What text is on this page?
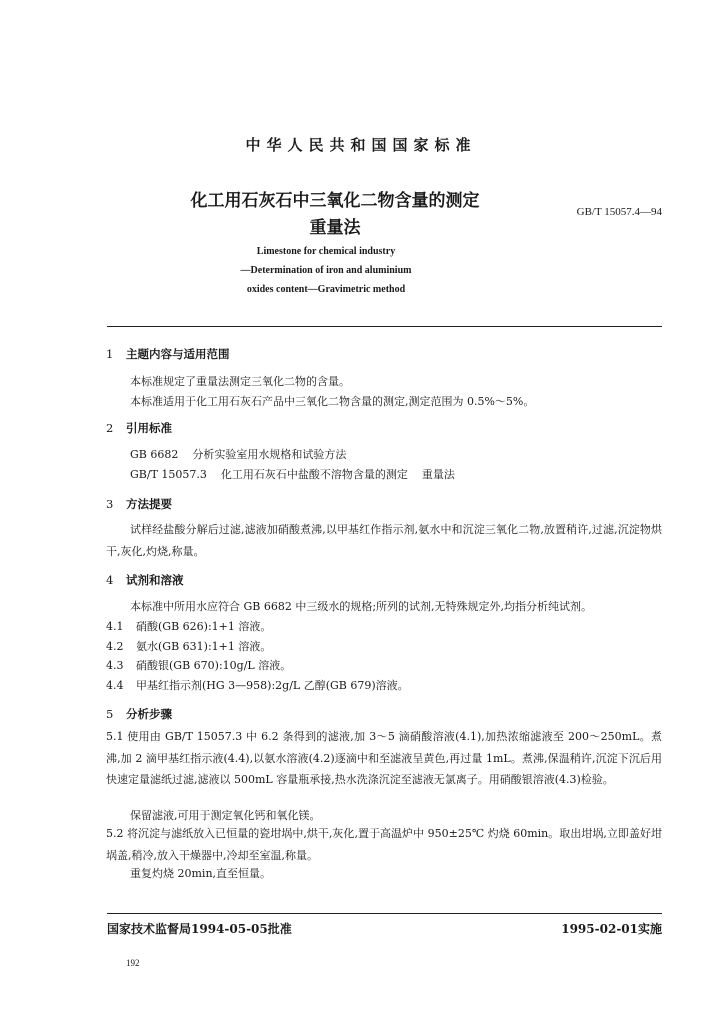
中华人民共和国国家标准
化工用石灰石中三氧化二物含量的测定
重量法
GB/T 15057.4—94
Limestone for chemical industry
—Determination of iron and aluminium
oxides content—Gravimetric method
1 主题内容与适用范围
本标准规定了重量法测定三氧化二物的含量。
本标准适用于化工用石灰石产品中三氧化二物含量的测定,测定范围为 0.5%～5%。
2 引用标准
GB 6682    分析实验室用水规格和试验方法
GB/T 15057.3    化工用石灰石中盐酸不溶物含量的测定    重量法
3 方法提要
试样经盐酸分解后过滤,滤液加硝酸煮沸,以甲基红作指示剂,氨水中和沉淀三氧化二物,放置稍许,过滤,沉淀物烘干,灰化,灼烧,称量。
4 试剂和溶液
本标准中所用水应符合 GB 6682 中三级水的规格;所列的试剂,无特殊规定外,均指分析纯试剂。
4.1 硝酸(GB 626):1+1 溶液。
4.2 氨水(GB 631):1+1 溶液。
4.3 硝酸银(GB 670):10g/L 溶液。
4.4 甲基红指示剂(HG 3—958):2g/L 乙醇(GB 679)溶液。
5 分析步骤
5.1 使用由 GB/T 15057.3 中 6.2 条得到的滤液,加 3～5 滴硝酸溶液(4.1),加热浓缩滤液至 200～250mL。煮沸,加 2 滴甲基红指示液(4.4),以氨水溶液(4.2)逐滴中和至滤液呈黄色,再过量 1mL。煮沸,保温稍许,沉淀下沉后用快速定量滤纸过滤,滤液以 500mL 容量瓶承接,热水洗涤沉淀至滤液无氯离子。用硝酸银溶液(4.3)检验。
保留滤液,可用于测定氧化钙和氧化镁。
5.2 将沉淀与滤纸放入已恒量的瓷坩埚中,烘干,灰化,置于高温炉中 950±25℃ 灼烧 60min。取出坩埚,立即盖好坩埚盖,稍冷,放入干燥器中,冷却至室温,称量。
重复灼烧 20min,直至恒量。
国家技术监督局1994-05-05批准	1995-02-01实施
192
